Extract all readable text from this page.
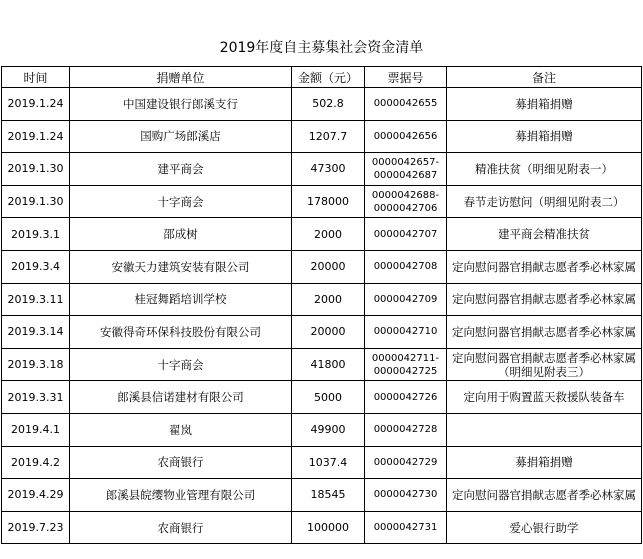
2019年度自主募集社会资金清单
时间	捐赠单位	金额（元）	票据号	备注
2019.1.24	中国建设银行郎溪支行	502.8	0000042655	募捐箱捐赠

2019.1.24	国购广场郎溪店	1207.7	0000042656	募捐箱捐赠

2019.1.30	建平商会	47300	0000042657-
0000042687	精准扶贫（明细见附表一）

2019.1.30	十字商会	178000	0000042688-
0000042706	春节走访慰问（明细见附表二）

2019.3.1	邵成树	2000	0000042707	建平商会精准扶贫

2019.3.4	安徽天力建筑安装有限公司	20000	0000042708	定向慰问器官捐献志愿者季必林家属

2019.3.11	桂冠舞蹈培训学校	2000	0000042709	定向慰问器官捐献志愿者季必林家属

2019.3.14	安徽得奇环保科技股份有限公司	20000	0000042710	定向慰问器官捐献志愿者季必林家属

2019.3.18	十字商会	41800	0000042711-
0000042725	定向慰问器官捐献志愿者季必林家属
（明细见附表三）

2019.3.31	郎溪县信诺建材有限公司	5000	0000042726	定向用于购置蓝天救援队装备车

2019.4.1	翟岚	49900	0000042728	

2019.4.2	农商银行	1037.4	0000042729	募捐箱捐赠

2019.4.29	郎溪县皖缨物业管理有限公司	18545	0000042730	定向慰问器官捐献志愿者季必林家属

2019.7.23	农商银行	100000	0000042731	爱心银行助学
